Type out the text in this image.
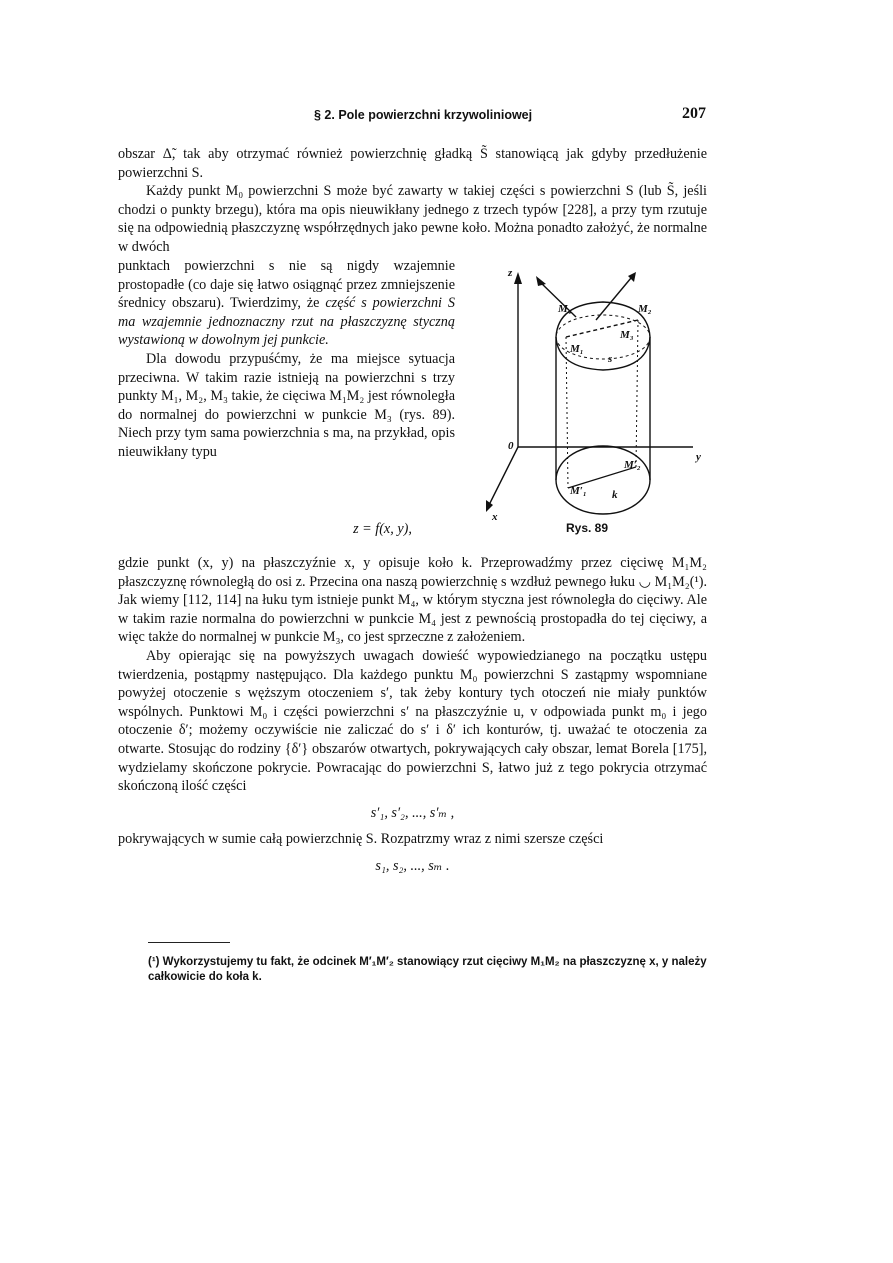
§ 2. Pole powierzchni krzywoliniowej	207

obszar Δ̃, tak aby otrzymać również powierzchnię gładką S̃ stanowiącą jak gdyby przedłużenie powierzchni S.

Każdy punkt M₀ powierzchni S może być zawarty w takiej części s powierzchni S (lub S̃, jeśli chodzi o punkty brzegu), która ma opis nieuwikłany jednego z trzech typów [228], a przy tym rzutuje się na odpowiednią płaszczyznę współrzędnych jako pewne koło. Można ponadto założyć, że normalne w dwóch

punktach powierzchni s nie są nigdy wzajemnie prostopadłe (co daje się łatwo osiągnąć przez zmniejszenie średnicy obszaru). Twierdzimy, że część s powierzchni S ma wzajemnie jednoznaczny rzut na płaszczyznę styczną wystawioną w dowolnym jej punkcie.

Dla dowodu przypuśćmy, że ma miejsce sytuacja przeciwna. W takim razie istnieją na powierzchni s trzy punkty M₁, M₂, M₃ takie, że cięciwa M₁M₂ jest równoległa do normalnej do powierzchni w punkcie M₃ (rys. 89). Niech przy tym sama powierzchnia s ma, na przykład, opis nieuwikłany typu

z = f(x, y),

z
y
x
0
M₁
M₂
M₃
M₄
s
M′₁
M′₂
k
Rys. 89

gdzie punkt (x, y) na płaszczyźnie x, y opisuje koło k. Przeprowadźmy przez cięciwę M₁M₂ płaszczyznę równoległą do osi z. Przecina ona naszą powierzchnię s wzdłuż pewnego łuku ◡ M₁M₂(¹). Jak wiemy [112, 114] na łuku tym istnieje punkt M₄, w którym styczna jest równoległa do cięciwy. Ale w takim razie normalna do powierzchni w punkcie M₄ jest z pewnością prostopadła do tej cięciwy, a więc także do normalnej w punkcie M₃, co jest sprzeczne z założeniem.

Aby opierając się na powyższych uwagach dowieść wypowiedzianego na początku ustępu twierdzenia, postąpmy następująco. Dla każdego punktu M₀ powierzchni S zastąpmy wspomniane powyżej otoczenie s węższym otoczeniem s′, tak żeby kontury tych otoczeń nie miały punktów wspólnych. Punktowi M₀ i części powierzchni s′ na płaszczyźnie u, v odpowiada punkt m₀ i jego otoczenie δ′; możemy oczywiście nie zaliczać do s′ i δ′ ich konturów, tj. uważać te otoczenia za otwarte. Stosując do rodziny {δ′} obszarów otwartych, pokrywających cały obszar, lemat Borela [175], wydzielamy skończone pokrycie. Powracając do powierzchni S, łatwo już z tego pokrycia otrzymać skończoną ilość części

s′₁, s′₂, ..., s′ₘ ,

pokrywających w sumie całą powierzchnię S. Rozpatrzmy wraz z nimi szersze części

s₁, s₂, ..., sₘ .

(¹) Wykorzystujemy tu fakt, że odcinek M′₁M′₂ stanowiący rzut cięciwy M₁M₂ na płaszczyznę x, y należy całkowicie do koła k.
